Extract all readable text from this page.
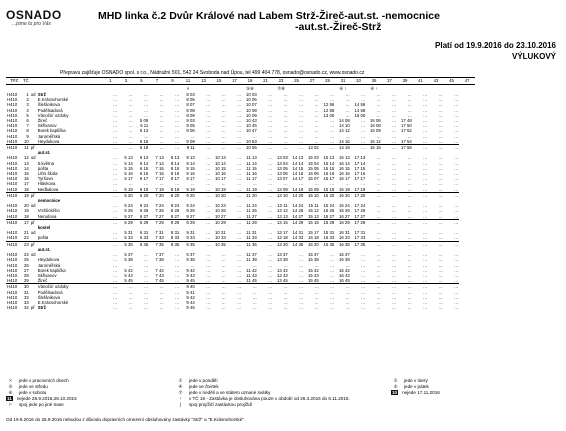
OSNADO
...jsme tu pro Vás
MHD linka č.2 Dvůr Králové nad Labem Strž-Žireč-aut.st. -nemocnice
-aut.st.-Žireč-Strž
Platí od 19.9.2016 do 23.10.2016
VÝLUKOVÝ
Přepravu zajišťuje OSNADO spol. s r.o., Nádražní 501, 542 24 Svoboda nad Úpou, tel 499 404 778, osnado@osnado.cz, www.osnado.cz
TPZ	TČ			1	3	5	7	9	11	13	15	17	19	21	23	25	27	29	31	33	35	37	39	41	43	45	47
									×				⑤⑥		⑦⑧				⑥ ↑		⑥ ↑						
H410	1	od	Strž	…	…	…	…	…	8 03	…	…	…	10 03	…	…	…	…	…	…	…	…	…	…	…	…	…	
H410	2		E.Krásnohorské	…	…	…	…	…	8 05	…	…	…	10 05	…	…	…	…	…	…	…	…	…	…	…	…	…	
H410	3		Šlefánikova	…	…	…	…	…	8 07	…	…	…	10 07	…	…	…	…	12 56	…	14 56	…	…	…	…	…	…	
H410	4		Podělsadová	…	…	…	…	…	8 08	…	…	…	10 08	…	…	…	…	12 58	…	14 58	…	…	…	…	…	…	
H410	5		Vánoční ozdoby	…	…	…	…	…	8 09	…	…	…	10 09	…	…	…	…	13 00	…	15 00	…	…	…	…	…	…	
H410	6		Žireč	…	…	5 09	…	…	9 03	…	…	…	10 43	…	…	…	…	…	14 08	…	16 06	…	17 48	…	…	…	
H410	7		Skřivanov	…	…	5 11	…	…	9 05	…	…	…	10 45	…	…	…	…	…	14 10	…	16 08	…	17 50	…	…	…	
H410	8		Borek kaplička	…	…	5 13	…	…	9 06	…	…	…	10 47	…	…	…	…	…	14 12	…	16 09	…	17 52	…	…	…	
H410	9		Jaroměřská	…	…	…	…	…	…	…	…	…	…	…	…	…	…	…	…	…	…	…	…	…	…	…	
H410	10		Heydukova	…	…	5 16	…	…	9 09	…	…	…	10 53	…	…	…	…	…	14 16	…	16 12	…	17 54	…	…	…	
H410	11	př		…	…	5 18	…	…	9 11	…	…	…	10 55	…	…	…	13 02	…	14 18	…	16 15	…	17 56	…	…	…	
			aut.st.																								
H410	12	od		…	5 13	6 13	7 13	8 13	9 13	…	10 13	…	11 13	…	13 03	14 13	15 03	15 13	16 13	17 13	…	…	…	…	…	…	
H410	13		5.května	…	5 14	6 14	7 14	8 14	9 14	…	10 14	…	11 14	…	13 04	14 14	15 04	15 14	16 14	17 14	…	…	…	…	…	…	
H410	14		pošta	…	5 15	6 15	7 15	8 15	9 15	…	10 15	…	11 15	…	13 05	14 15	15 05	15 15	16 15	17 15	…	…	…	…	…	…	
H410	15		Učni škola	…	5 16	6 16	7 16	8 16	9 16	…	10 16	…	11 16	…	13 06	14 16	15 06	15 16	16 16	17 16	…	…	…	…	…	…	
H410	16		Tyršova	…	5 17	6 17	7 17	8 17	9 17	…	10 17	…	11 17	…	13 07	14 17	15 07	15 17	16 17	17 17	…	…	…	…	…	…	
H410	17		Hlávkova	…	…	…	…	…	…	…	…	…	…	…	…	…	…	…	…	…	…	…	…	…	…	…	
H410	18		Nedbalova	…	5 19	6 19	7 19	8 19	9 19	…	10 19	…	11 19	…	13 09	14 19	15 09	15 19	16 19	17 19	…	…	…	…	…	…	
H410	19	př		…	5 20	6 20	7 20	8 20	9 20	…	10 20	…	11 20	…	13 10	14 20	15 10	15 20	16 20	17 20	…	…	…	…	…	…	
			nemocnice																								
H410	20	od		…	5 24	6 24	7 24	8 24	9 24	…	10 24	…	11 24	…	13 11	14 24	15 11	15 24	16 24	17 24	…	…	…	…	…	…	
H410	19		Vrchlického	…	5 26	6 26	7 26	8 26	9 26	…	10 26	…	11 26	…	13 12	14 26	15 12	15 26	16 26	17 26	…	…	…	…	…	…	
H410	18		Nerudova	…	5 27	6 27	7 27	8 27	9 27	…	10 27	…	11 27	…	13 13	14 27	15 13	15 27	16 27	17 27	…	…	…	…	…	…	
H410	17	př		…	5 29	6 29	7 29	8 29	9 29	…	10 29	…	11 29	…	13 15	14 29	15 15	15 29	16 29	17 29	…	…	…	…	…	…	
			kostel																								
H410	21	od		…	5 31	6 31	7 31	8 31	9 31	…	10 31	…	11 31	…	13 17	14 31	15 17	15 31	16 31	17 31	…	…	…	…	…	…	
H410	22		pošta	…	5 33	6 33	7 33	8 33	9 33	…	10 33	…	11 33	…	13 18	14 33	15 18	15 33	16 33	17 33	…	…	…	…	…	…	
H410	23	př		…	5 35	6 35	7 35	8 35	9 35	…	10 35	…	11 35	…	13 20	14 35	15 20	15 35	16 35	17 35	…	…	…	…	…	…	
			aut.st.																								
H410	24	od		…	5 37	…	7 37	…	9 37	…	…	…	11 37	…	13 37	…	15 37	…	16 37	…	…	…	…	…	…	…	
H410	25		Heydukova	…	5 38	…	7 38	…	9 38	…	…	…	11 38	…	13 38	…	15 38	…	16 38	…	…	…	…	…	…	…	
H410	26		Jaroměřská	…	…	…	…	…	…	…	…	…	…	…	…	…	…	…	…	…	…	…	…	…	…	…	
H410	27		Borek kaplička	…	5 42	…	7 42	…	9 42	…	…	…	11 42	…	13 42	…	15 42	…	16 42	…	…	…	…	…	…	…	
H410	28		Skřivanov	…	5 43	…	7 43	…	9 43	…	…	…	11 43	…	13 43	…	15 43	…	16 43	…	…	…	…	…	…	…	
H410	29		Žireč	…	5 45	…	7 45	…	9 45	…	…	…	11 45	…	13 45	…	15 45	…	16 45	…	…	…	…	…	…	…	
H410	30		Vánoční ozdoby	…	…	…	…	…	9 40	…	…	…	…	…	…	…	…	…	…	…	…	…	…	…	…	…	
H410	31		Podělsadová	…	…	…	…	…	9 41	…	…	…	…	…	…	…	…	…	…	…	…	…	…	…	…	…	
H410	32		Šlefánikova	…	…	…	…	…	9 42	…	…	…	…	…	…	…	…	…	…	…	…	…	…	…	…	…	
H410	33		E.Krásnohorské	…	…	…	…	…	9 44	…	…	…	…	…	…	…	…	…	…	…	…	…	…	…	…	…	
H410	34	př	Strž	…	…	…	…	…	9 46	…	…	…	…	…	…	…	…	…	…	…	…	…	…	…	…	…	
× jede v pracovních dnech
⑤ jede ve středu
⑥ jede v sobotu
11 nejede 28.9.2016,28.10.2016
⚐ spoj jede po jiné trase
① jede v pondělí
④ jede ve čtvrtek
⑦ jede v neděli a ve státem uznané svátky
↑ v TČ 16 - Zastávka je obsluhována pouze v období od 26.3.2016 do 6.11.2016.
| spoj projíždí zastávkou projíždí
② jede v úterý
⑤ jede v pátek
10 nejede 17.11.2016
Od 19.9.2016 do 25.9.2016 nebudou z důvodu dopravních omezení obsluhovány zastávky "Strž" a "E.Krásnohorské".
